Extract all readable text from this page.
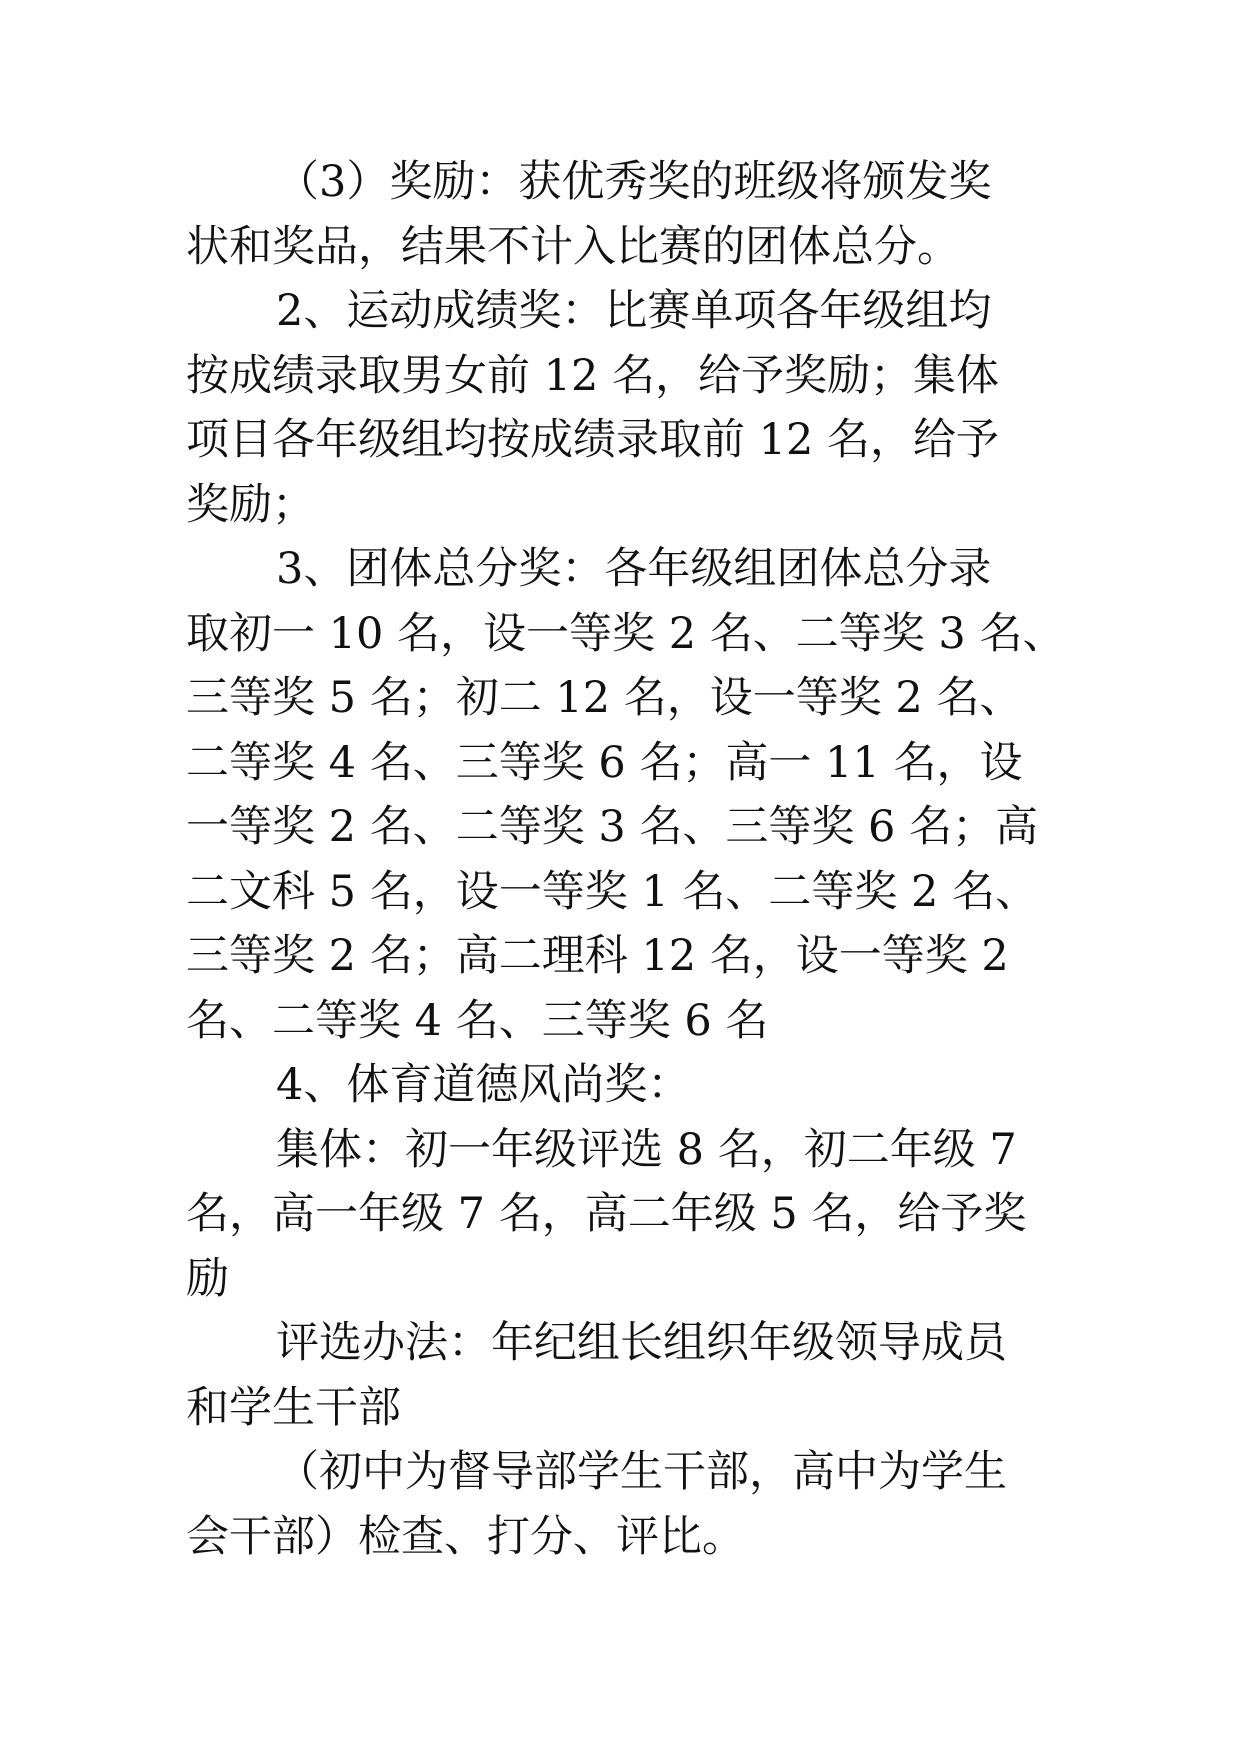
（3）奖励：获优秀奖的班级将颁发奖
状和奖品，结果不计入比赛的团体总分。

2、运动成绩奖：比赛单项各年级组均
按成绩录取男女前 12 名，给予奖励；集体
项目各年级组均按成绩录取前 12 名，给予
奖励；

3、团体总分奖：各年级组团体总分录
取初一 10 名，设一等奖 2 名、二等奖 3 名、
三等奖 5 名；初二 12 名，设一等奖 2 名、
二等奖 4 名、三等奖 6 名；高一 11 名，设
一等奖 2 名、二等奖 3 名、三等奖 6 名；高
二文科 5 名，设一等奖 1 名、二等奖 2 名、
三等奖 2 名；高二理科 12 名，设一等奖 2
名、二等奖 4 名、三等奖 6 名

4、体育道德风尚奖：

集体：初一年级评选 8 名，初二年级 7
名，高一年级 7 名，高二年级 5 名，给予奖
励

评选办法：年纪组长组织年级领导成员
和学生干部

（初中为督导部学生干部，高中为学生
会干部）检查、打分、评比。
